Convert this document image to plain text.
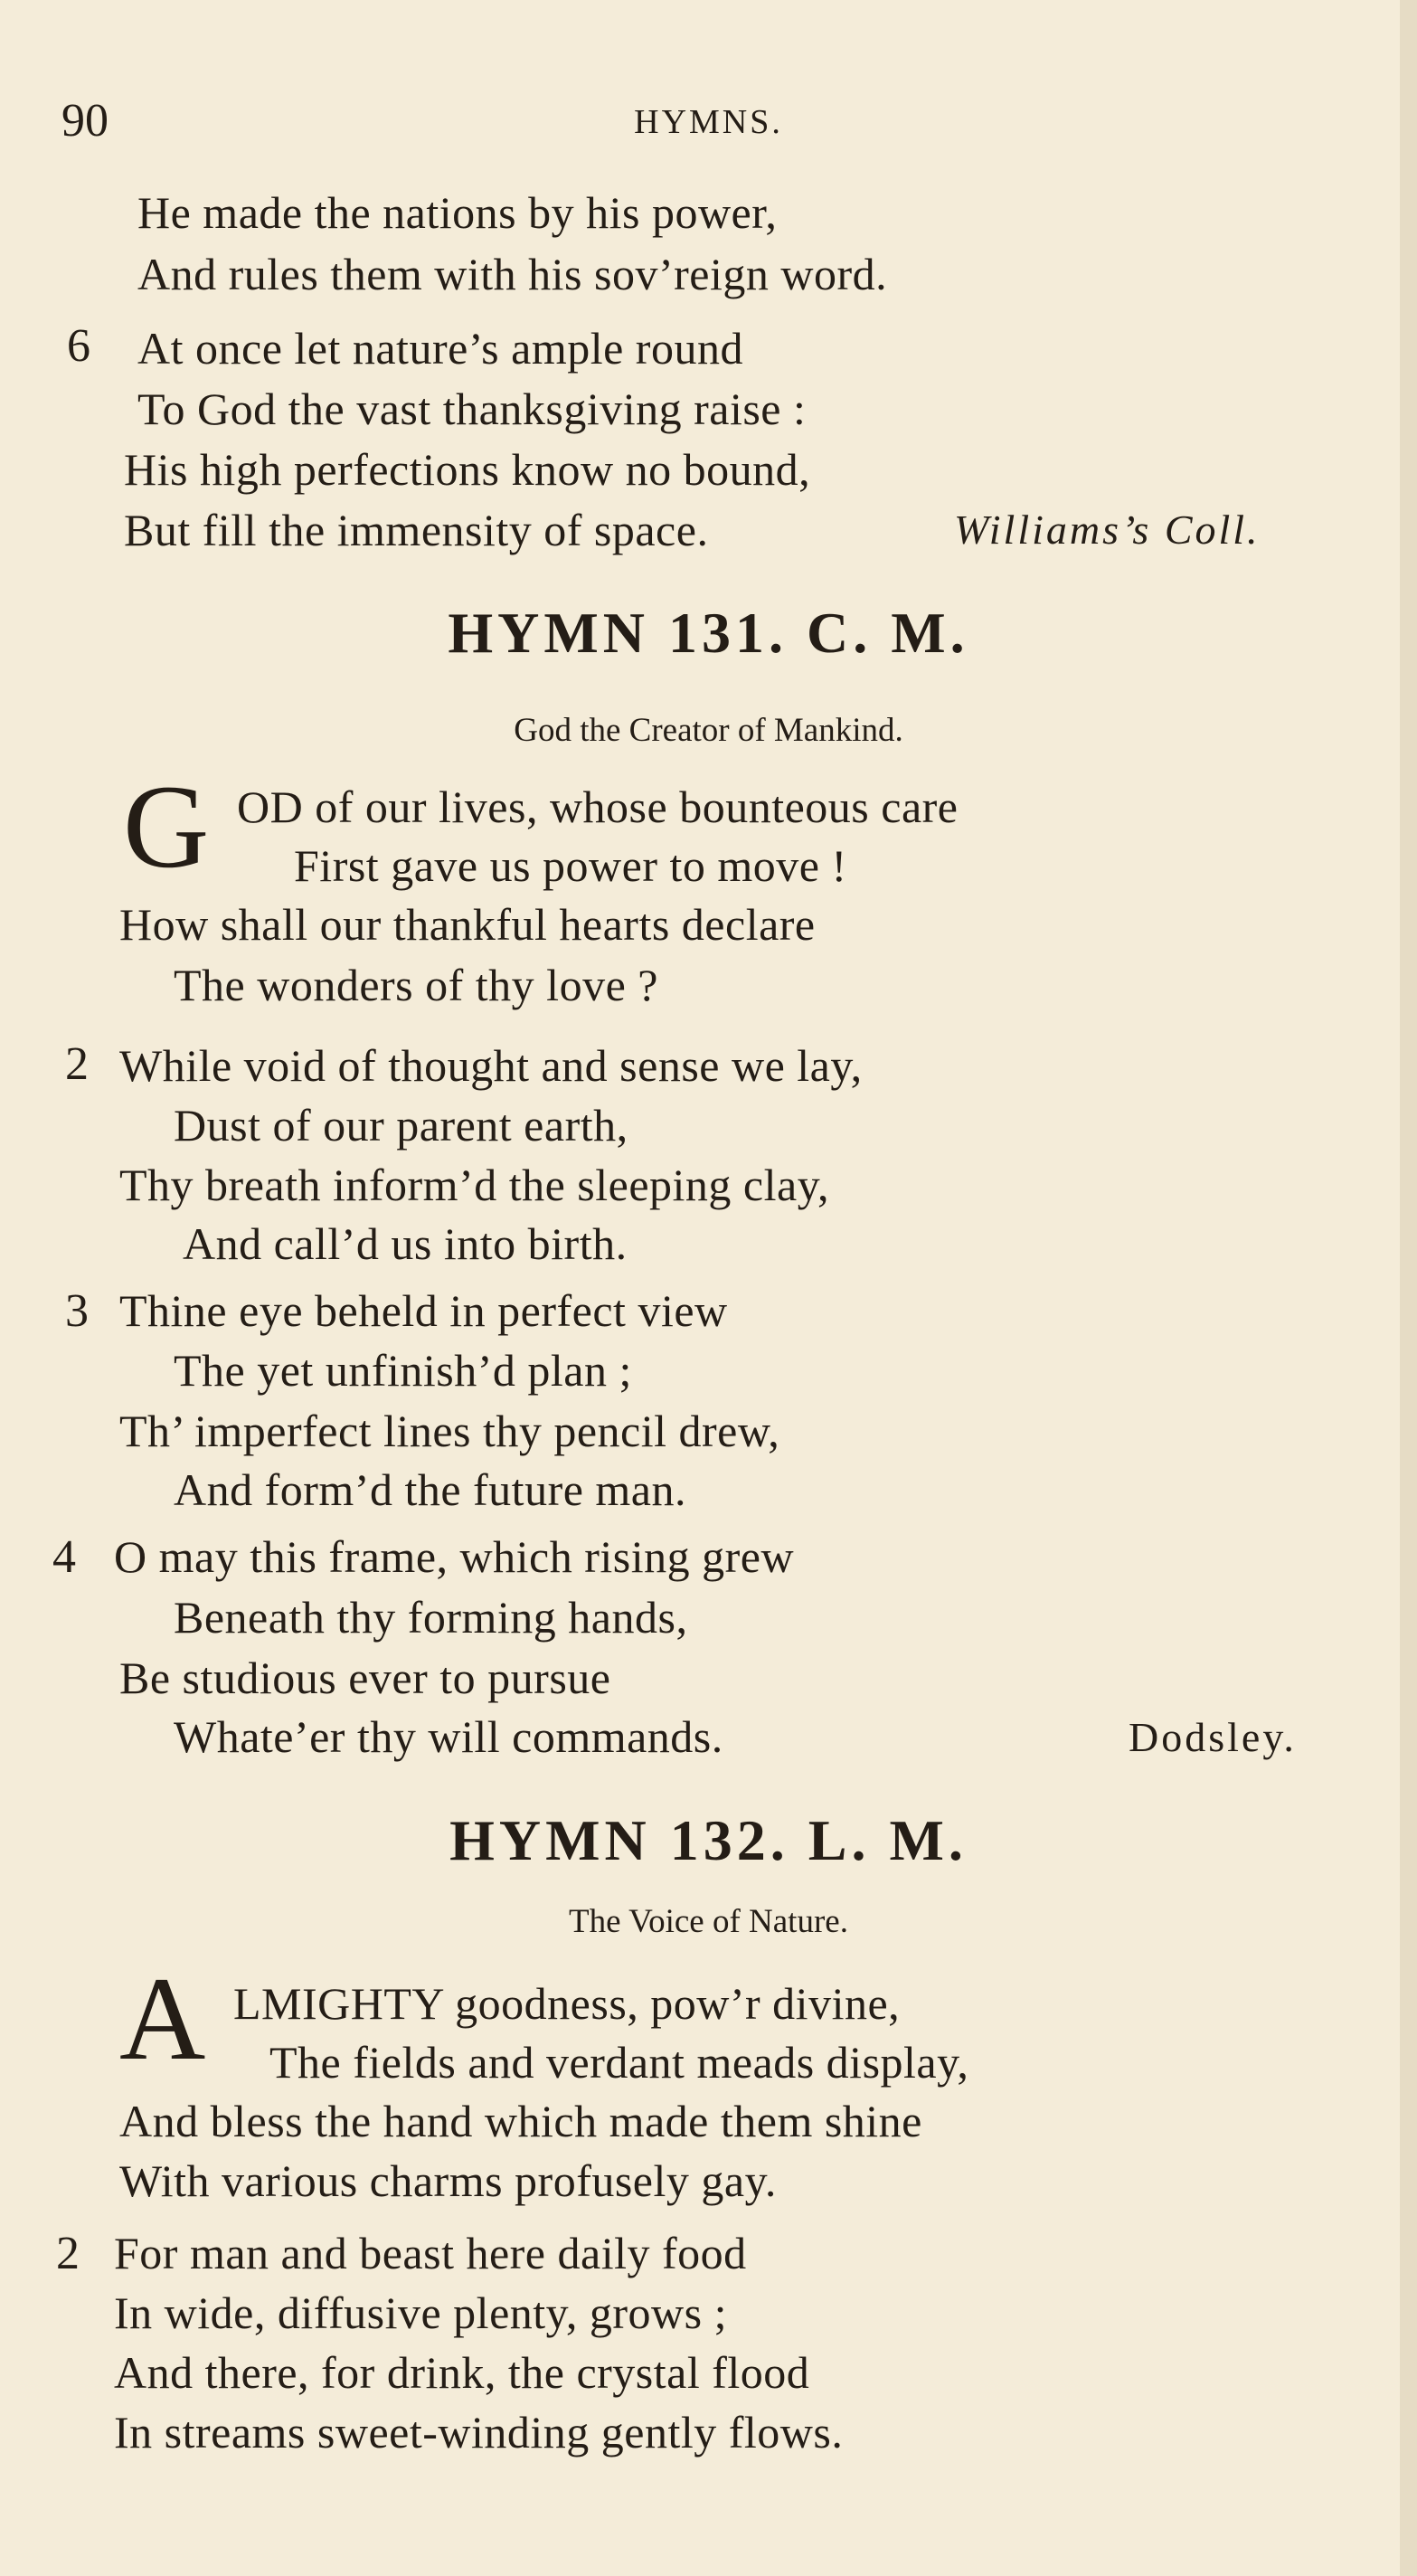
90	HYMNS.
He made the nations by his power,
And rules them with his sov’reign word.
6 At once let nature’s ample round
To God the vast thanksgiving raise :
His high perfections know no bound,
But fill the immensity of space.	Williams’s Coll.
HYMN 131. C. M.
God the Creator of Mankind.
G OD of our lives, whose bounteous care
First gave us power to move !
How shall our thankful hearts declare
The wonders of thy love ?
2 While void of thought and sense we lay,
Dust of our parent earth,
Thy breath inform’d the sleeping clay,
And call’d us into birth.
3 Thine eye beheld in perfect view
The yet unfinish’d plan ;
Th’ imperfect lines thy pencil drew,
And form’d the future man.
4 O may this frame, which rising grew
Beneath thy forming hands,
Be studious ever to pursue
Whate’er thy will commands.	Dodsley.
HYMN 132. L. M.
The Voice of Nature.
A LMIGHTY goodness, pow’r divine,
The fields and verdant meads display,
And bless the hand which made them shine
With various charms profusely gay.
2 For man and beast here daily food
In wide, diffusive plenty, grows ;
And there, for drink, the crystal flood
In streams sweet-winding gently flows.
